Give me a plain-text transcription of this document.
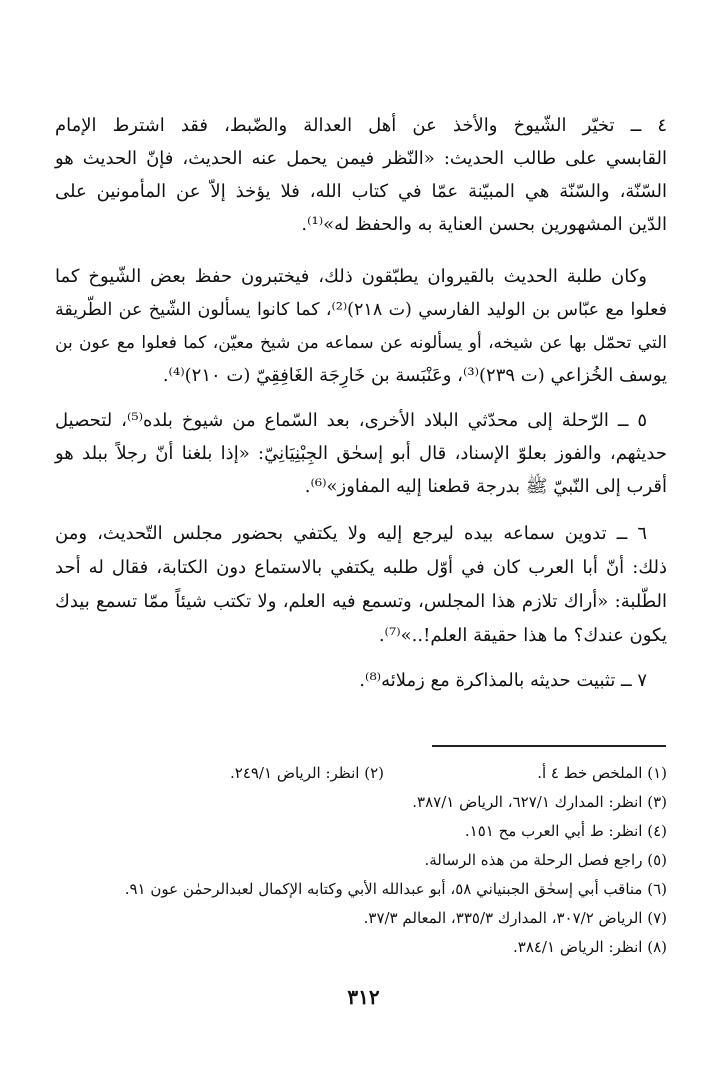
٤ ــ تخيّر الشّيوخ والأخذ عن أهل العدالة والضّبط، فقد اشترط الإمام
القابسي على طالب الحديث: «النّظر فيمن يحمل عنه الحديث، فإنّ الحديث هو
السّنّة، والسّنّة هي المبيّنة عمّا في كتاب الله، فلا يؤخذ إلاّ عن المأمونين على
الدّين المشهورين بحسن العناية به والحفظ له»⁽¹⁾.
وكان طلبة الحديث بالقيروان يطبّقون ذلك، فيختبرون حفظ بعض الشّيوخ كما
فعلوا مع عبّاس بن الوليد الفارسي (ت ٢١٨)⁽²⁾، كما كانوا يسألون الشّيخ عن الطّريقة
التي تحمّل بها عن شيخه، أو يسألونه عن سماعه من شيخ معيّن، كما فعلوا مع عون بن
يوسف الخُزاعي (ت ٢٣٩)⁽³⁾، وعَنْبَسة بن خَارِجَة الغَافِقِيّ (ت ٢١٠)⁽⁴⁾.
٥ ــ الرّحلة إلى محدّثي البلاد الأخرى، بعد السّماع من شيوخ بلده⁽⁵⁾، لتحصيل
حديثهم، والفوز بعلوّ الإسناد، قال أبو إسحٰق الجِبْنِيَانِيّ: «إذا بلغنا أنّ رجلاً ببلد هو
أقرب إلى النّبيّ ﷺ بدرجة قطعنا إليه المفاوز»⁽⁶⁾.
٦ ــ تدوين سماعه بيده ليرجع إليه ولا يكتفي بحضور مجلس التّحديث، ومن
ذلك: أنّ أبا العرب كان في أوّل طلبه يكتفي بالاستماع دون الكتابة، فقال له أحد
الطّلبة: «أراك تلازم هذا المجلس، وتسمع فيه العلم، ولا تكتب شيئاً ممّا تسمع بيدك
يكون عندك؟ ما هذا حقيقة العلم!..»⁽⁷⁾.
٧ ــ تثبيت حديثه بالمذاكرة مع زملائه⁽⁸⁾.
(١) الملخص خط ٤ أ.
(٢) انظر: الرياض ٢٤٩/١.
(٣) انظر: المدارك ٦٢٧/١، الرياض ٣٨٧/١.
(٤) انظر: ط أبي العرب مح ١٥١.
(٥) راجع فصل الرحلة من هذه الرسالة.
(٦) مناقب أبي إسحٰق الجبنياني ٥٨، أبو عبدالله الأبي وكتابه الإكمال لعبدالرحمٰن عون ٩١.
(٧) الرياض ٣٠٧/٢، المدارك ٣٣٥/٣، المعالم ٣٧/٣.
(٨) انظر: الرياض ٣٨٤/١.
٣١٢
